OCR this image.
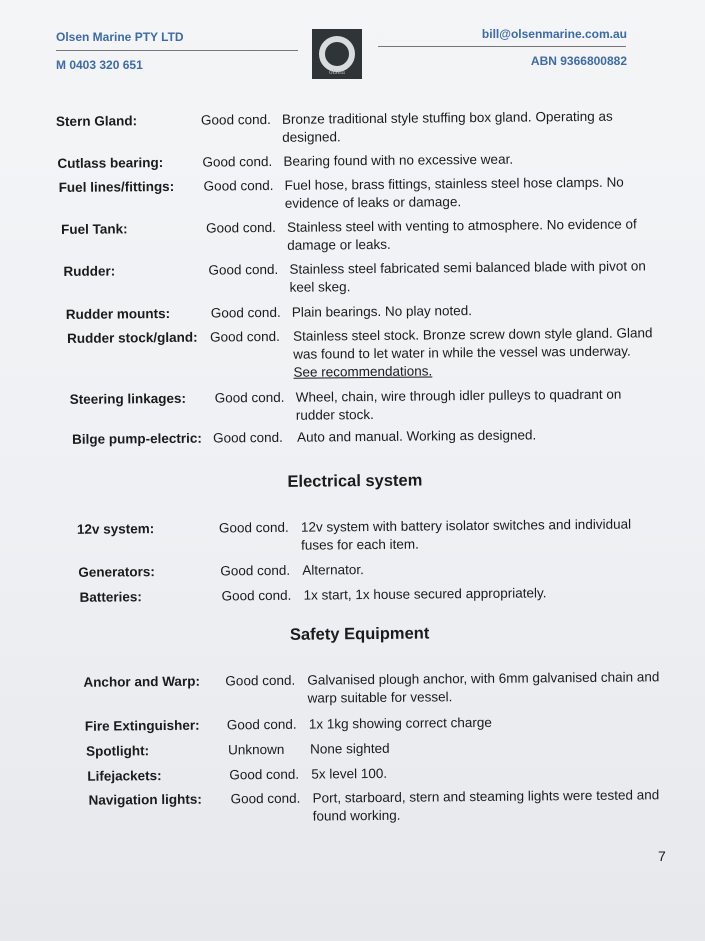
Olsen Marine PTY LTD
M 0403 320 651
olsen
bill@olsenmarine.com.au
ABN 9366800882
Stern Gland:	Good cond. Bronze traditional style stuffing box gland. Operating as designed.
Cutlass bearing:	Good cond. Bearing found with no excessive wear.
Fuel lines/fittings: Good cond. Fuel hose, brass fittings, stainless steel hose clamps. No evidence of leaks or damage.
Fuel Tank:	Good cond. Stainless steel with venting to atmosphere. No evidence of damage or leaks.
Rudder:	Good cond. Stainless steel fabricated semi balanced blade with pivot on keel skeg.
Rudder mounts:	Good cond. Plain bearings. No play noted.
Rudder stock/gland: Good cond. Stainless steel stock. Bronze screw down style gland. Gland was found to let water in while the vessel was underway. See recommendations.
Steering linkages: Good cond. Wheel, chain, wire through idler pulleys to quadrant on rudder stock.
Bilge pump-electric: Good cond. Auto and manual. Working as designed.
Electrical system
12v system:	Good cond. 12v system with battery isolator switches and individual fuses for each item.
Generators:	Good cond. Alternator.
Batteries:	Good cond. 1x start, 1x house secured appropriately.
Safety Equipment
Anchor and Warp: Good cond. Galvanised plough anchor, with 6mm galvanised chain and warp suitable for vessel.
Fire Extinguisher: Good cond. 1x 1kg showing correct charge
Spotlight:	Unknown None sighted
Lifejackets:	Good cond. 5x level 100.
Navigation lights: Good cond. Port, starboard, stern and steaming lights were tested and found working.
7
